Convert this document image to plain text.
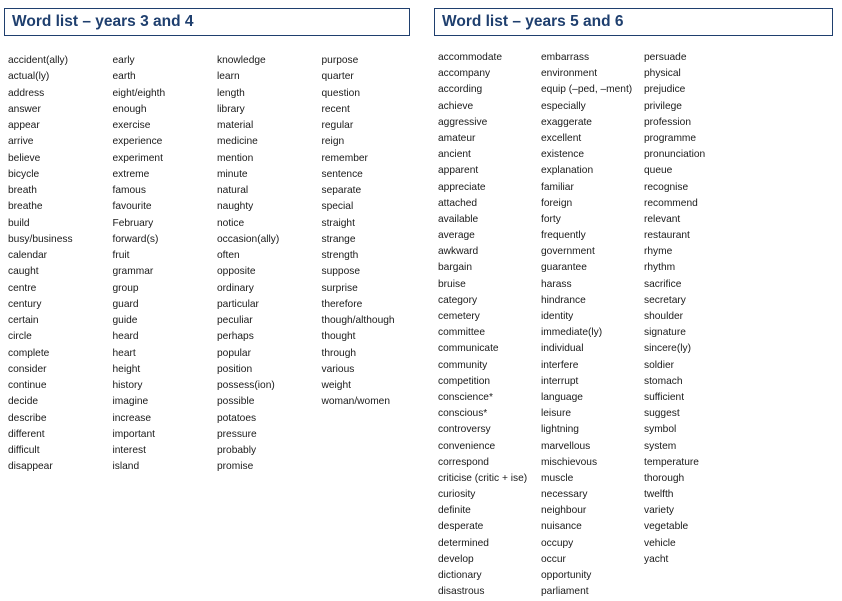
Word list – years 3 and 4
accident(ally)
actual(ly)
address
answer
appear
arrive
believe
bicycle
breath
breathe
build
busy/business
calendar
caught
centre
century
certain
circle
complete
consider
continue
decide
describe
different
difficult
disappear
early
earth
eight/eighth
enough
exercise
experience
experiment
extreme
famous
favourite
February
forward(s)
fruit
grammar
group
guard
guide
heard
heart
height
history
imagine
increase
important
interest
island
knowledge
learn
length
library
material
medicine
mention
minute
natural
naughty
notice
occasion(ally)
often
opposite
ordinary
particular
peculiar
perhaps
popular
position
possess(ion)
possible
potatoes
pressure
probably
promise
purpose
quarter
question
recent
regular
reign
remember
sentence
separate
special
straight
strange
strength
suppose
surprise
therefore
though/although
thought
through
various
weight
woman/women
Word list – years 5 and 6
accommodate
accompany
according
achieve
aggressive
amateur
ancient
apparent
appreciate
attached
available
average
awkward
bargain
bruise
category
cemetery
committee
communicate
community
competition
conscience*
conscious*
controversy
convenience
correspond
criticise (critic + ise)
curiosity
definite
desperate
determined
develop
dictionary
disastrous
embarrass
environment
equip (–ped, –ment)
especially
exaggerate
excellent
existence
explanation
familiar
foreign
forty
frequently
government
guarantee
harass
hindrance
identity
immediate(ly)
individual
interfere
interrupt
language
leisure
lightning
marvellous
mischievous
muscle
necessary
neighbour
nuisance
occupy
occur
opportunity
parliament
persuade
physical
prejudice
privilege
profession
programme
pronunciation
queue
recognise
recommend
relevant
restaurant
rhyme
rhythm
sacrifice
secretary
shoulder
signature
sincere(ly)
soldier
stomach
sufficient
suggest
symbol
system
temperature
thorough
twelfth
variety
vegetable
vehicle
yacht
